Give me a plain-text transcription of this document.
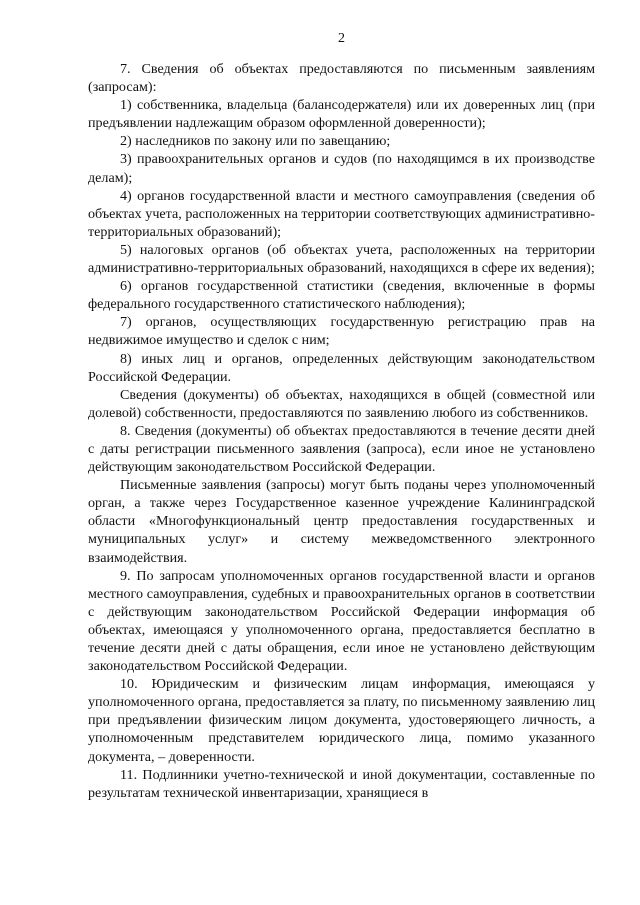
2

7. Сведения об объектах предоставляются по письменным заявлениям (запросам):

1) собственника, владельца (балансодержателя) или их доверенных лиц (при предъявлении надлежащим образом оформленной доверенности);

2) наследников по закону или по завещанию;

3) правоохранительных органов и судов (по находящимся в их производстве делам);

4) органов государственной власти и местного самоуправления (сведения об объектах учета, расположенных на территории соответствующих административно-территориальных образований);

5) налоговых органов (об объектах учета, расположенных на территории административно-территориальных образований, находящихся в сфере их ведения);

6) органов государственной статистики (сведения, включенные в формы федерального государственного статистического наблюдения);

7) органов, осуществляющих государственную регистрацию прав на недвижимое имущество и сделок с ним;

8) иных лиц и органов, определенных действующим законодательством Российской Федерации.

Сведения (документы) об объектах, находящихся в общей (совместной или долевой) собственности, предоставляются по заявлению любого из собственников.

8. Сведения (документы) об объектах предоставляются в течение десяти дней с даты регистрации письменного заявления (запроса), если иное не установлено действующим законодательством Российской Федерации.

Письменные заявления (запросы) могут быть поданы через уполномоченный орган, а также через Государственное казенное учреждение Калининградской области «Многофункциональный центр предоставления государственных и муниципальных услуг» и систему межведомственного электронного взаимодействия.

9. По запросам уполномоченных органов государственной власти и органов местного самоуправления, судебных и правоохранительных органов в соответствии с действующим законодательством Российской Федерации информация об объектах, имеющаяся у уполномоченного органа, предоставляется бесплатно в течение десяти дней с даты обращения, если иное не установлено действующим законодательством Российской Федерации.

10. Юридическим и физическим лицам информация, имеющаяся у уполномоченного органа, предоставляется за плату, по письменному заявлению лиц при предъявлении физическим лицом документа, удостоверяющего личность, а уполномоченным представителем юридического лица, помимо указанного документа, – доверенности.

11. Подлинники учетно-технической и иной документации, составленные по результатам технической инвентаризации, хранящиеся в
